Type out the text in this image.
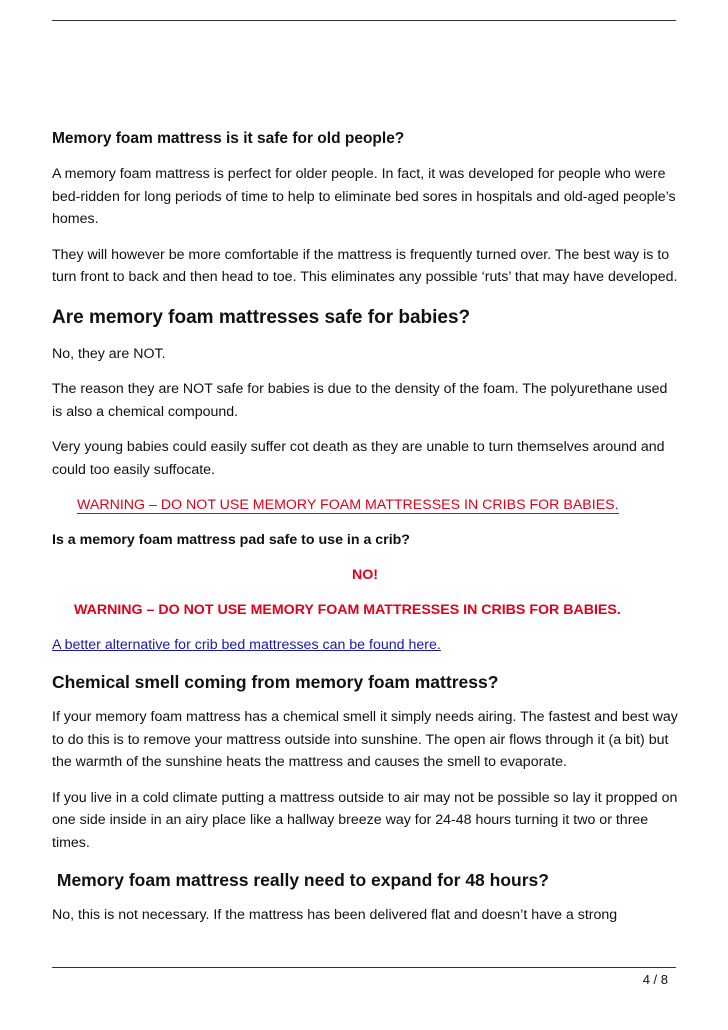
Memory foam mattress is it safe for old people?

A memory foam mattress is perfect for older people. In fact, it was developed for people who were bed-ridden for long periods of time to help to eliminate bed sores in hospitals and old-aged people’s homes.

They will however be more comfortable if the mattress is frequently turned over. The best way is to turn front to back and then head to toe. This eliminates any possible ‘ruts’ that may have developed.

Are memory foam mattresses safe for babies?

No, they are NOT.

The reason they are NOT safe for babies is due to the density of the foam. The polyurethane used is also a chemical compound.

Very young babies could easily suffer cot death as they are unable to turn themselves around and could too easily suffocate.

WARNING – DO NOT USE MEMORY FOAM MATTRESSES IN CRIBS FOR BABIES.
Is a memory foam mattress pad safe to use in a crib?
NO!
WARNING – DO NOT USE MEMORY FOAM MATTRESSES IN CRIBS FOR BABIES.
A better alternative for crib bed mattresses can be found here.
Chemical smell coming from memory foam mattress?

If your memory foam mattress has a chemical smell it simply needs airing. The fastest and best way to do this is to remove your mattress outside into sunshine. The open air flows through it (a bit) but the warmth of the sunshine heats the mattress and causes the smell to evaporate.

If you live in a cold climate putting a mattress outside to air may not be possible so lay it propped on one side inside in an airy place like a hallway breeze way for 24-48 hours turning it two or three times.

Memory foam mattress really need to expand for 48 hours?

No, this is not necessary. If the mattress has been delivered flat and doesn’t have a strong

4 / 8
